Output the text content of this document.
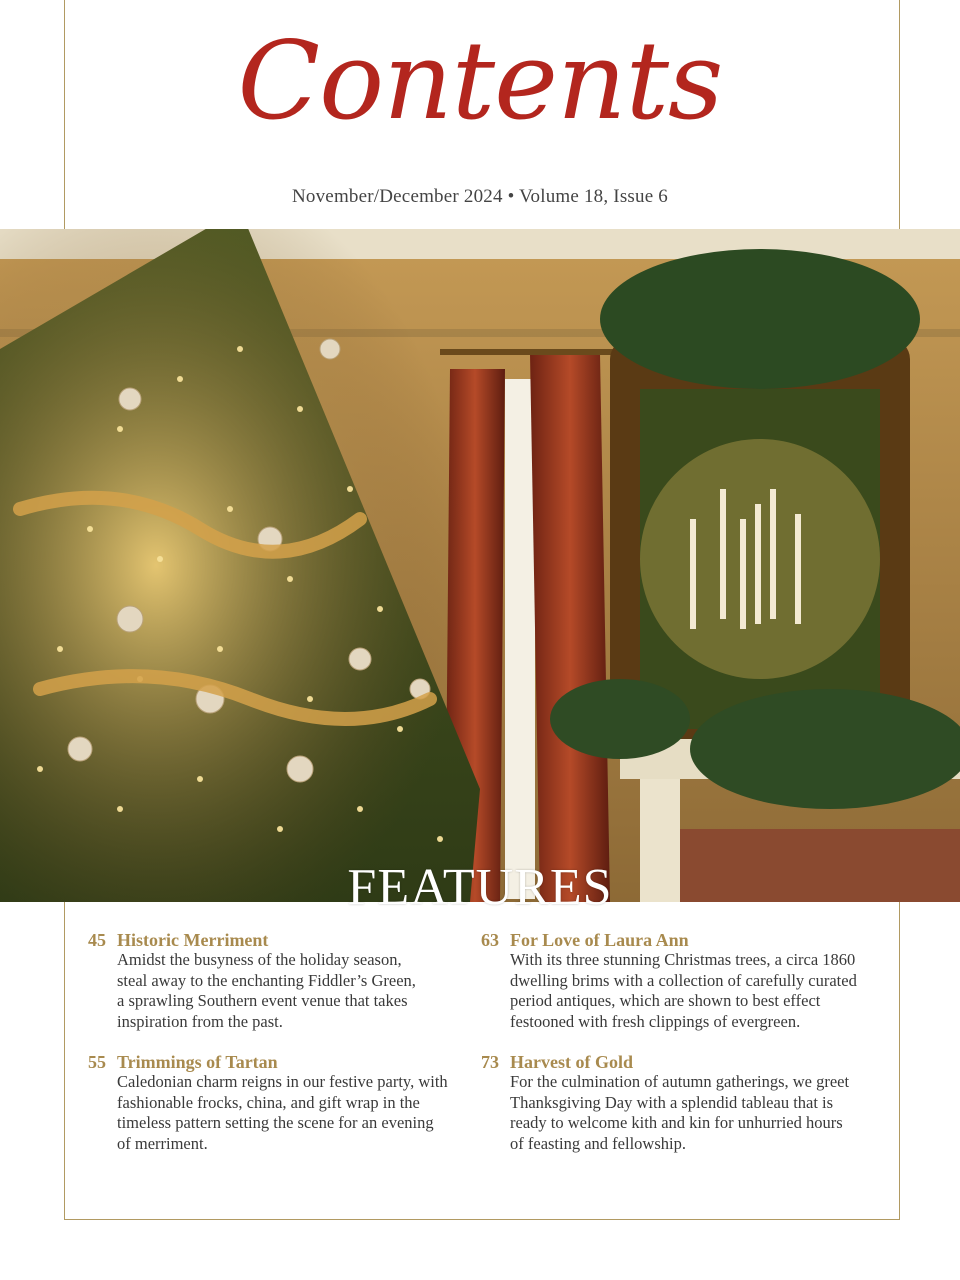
Contents
November/December 2024 • Volume 18, Issue 6
FEATURES
45 Historic Merriment
Amidst the busyness of the holiday season,
steal away to the enchanting Fiddler’s Green,
a sprawling Southern event venue that takes
inspiration from the past.
55 Trimmings of Tartan
Caledonian charm reigns in our festive party, with
fashionable frocks, china, and gift wrap in the
timeless pattern setting the scene for an evening
of merriment.
63 For Love of Laura Ann
With its three stunning Christmas trees, a circa 1860
dwelling brims with a collection of carefully curated
period antiques, which are shown to best effect
festooned with fresh clippings of evergreen.
73 Harvest of Gold
For the culmination of autumn gatherings, we greet
Thanksgiving Day with a splendid tableau that is
ready to welcome kith and kin for unhurried hours
of feasting and fellowship.
